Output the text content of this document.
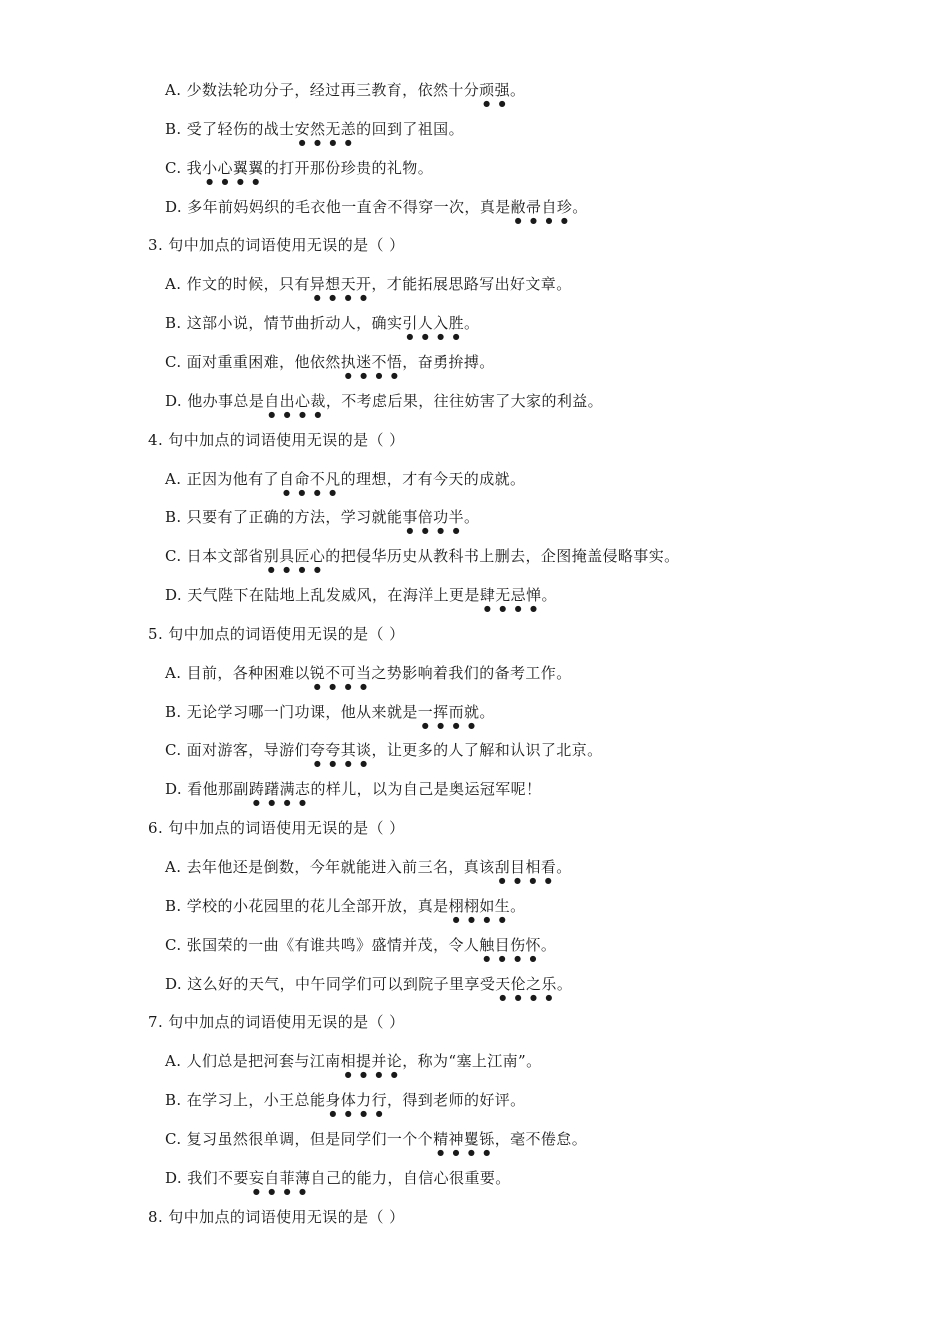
A. 少数法轮功分子，经过再三教育，依然十分顽强。
B. 受了轻伤的战士安然无恙的回到了祖国。
C. 我小心翼翼的打开那份珍贵的礼物。
D. 多年前妈妈织的毛衣他一直舍不得穿一次，真是敝帚自珍。
3. 句中加点的词语使用无误的是（ ）
A. 作文的时候，只有异想天开，才能拓展思路写出好文章。
B. 这部小说，情节曲折动人，确实引人入胜。
C. 面对重重困难，他依然执迷不悟，奋勇拚搏。
D. 他办事总是自出心裁，不考虑后果，往往妨害了大家的利益。
4. 句中加点的词语使用无误的是（ ）
A. 正因为他有了自命不凡的理想，才有今天的成就。
B. 只要有了正确的方法，学习就能事倍功半。
C. 日本文部省别具匠心的把侵华历史从教科书上删去，企图掩盖侵略事实。
D. 天气陛下在陆地上乱发威风，在海洋上更是肆无忌惮。
5. 句中加点的词语使用无误的是（ ）
A. 目前，各种困难以锐不可当之势影响着我们的备考工作。
B. 无论学习哪一门功课，他从来就是一挥而就。
C. 面对游客，导游们夸夸其谈，让更多的人了解和认识了北京。
D. 看他那副踌躇满志的样儿，以为自己是奥运冠军呢！
6. 句中加点的词语使用无误的是（ ）
A. 去年他还是倒数，今年就能进入前三名，真该刮目相看。
B. 学校的小花园里的花儿全部开放，真是栩栩如生。
C. 张国荣的一曲《有谁共鸣》盛情并茂，令人触目伤怀。
D. 这么好的天气，中午同学们可以到院子里享受天伦之乐。
7. 句中加点的词语使用无误的是（ ）
A. 人们总是把河套与江南相提并论，称为“塞上江南”。
B. 在学习上，小王总能身体力行，得到老师的好评。
C. 复习虽然很单调，但是同学们一个个精神矍铄，毫不倦怠。
D. 我们不要妄自菲薄自己的能力，自信心很重要。
8. 句中加点的词语使用无误的是（ ）
